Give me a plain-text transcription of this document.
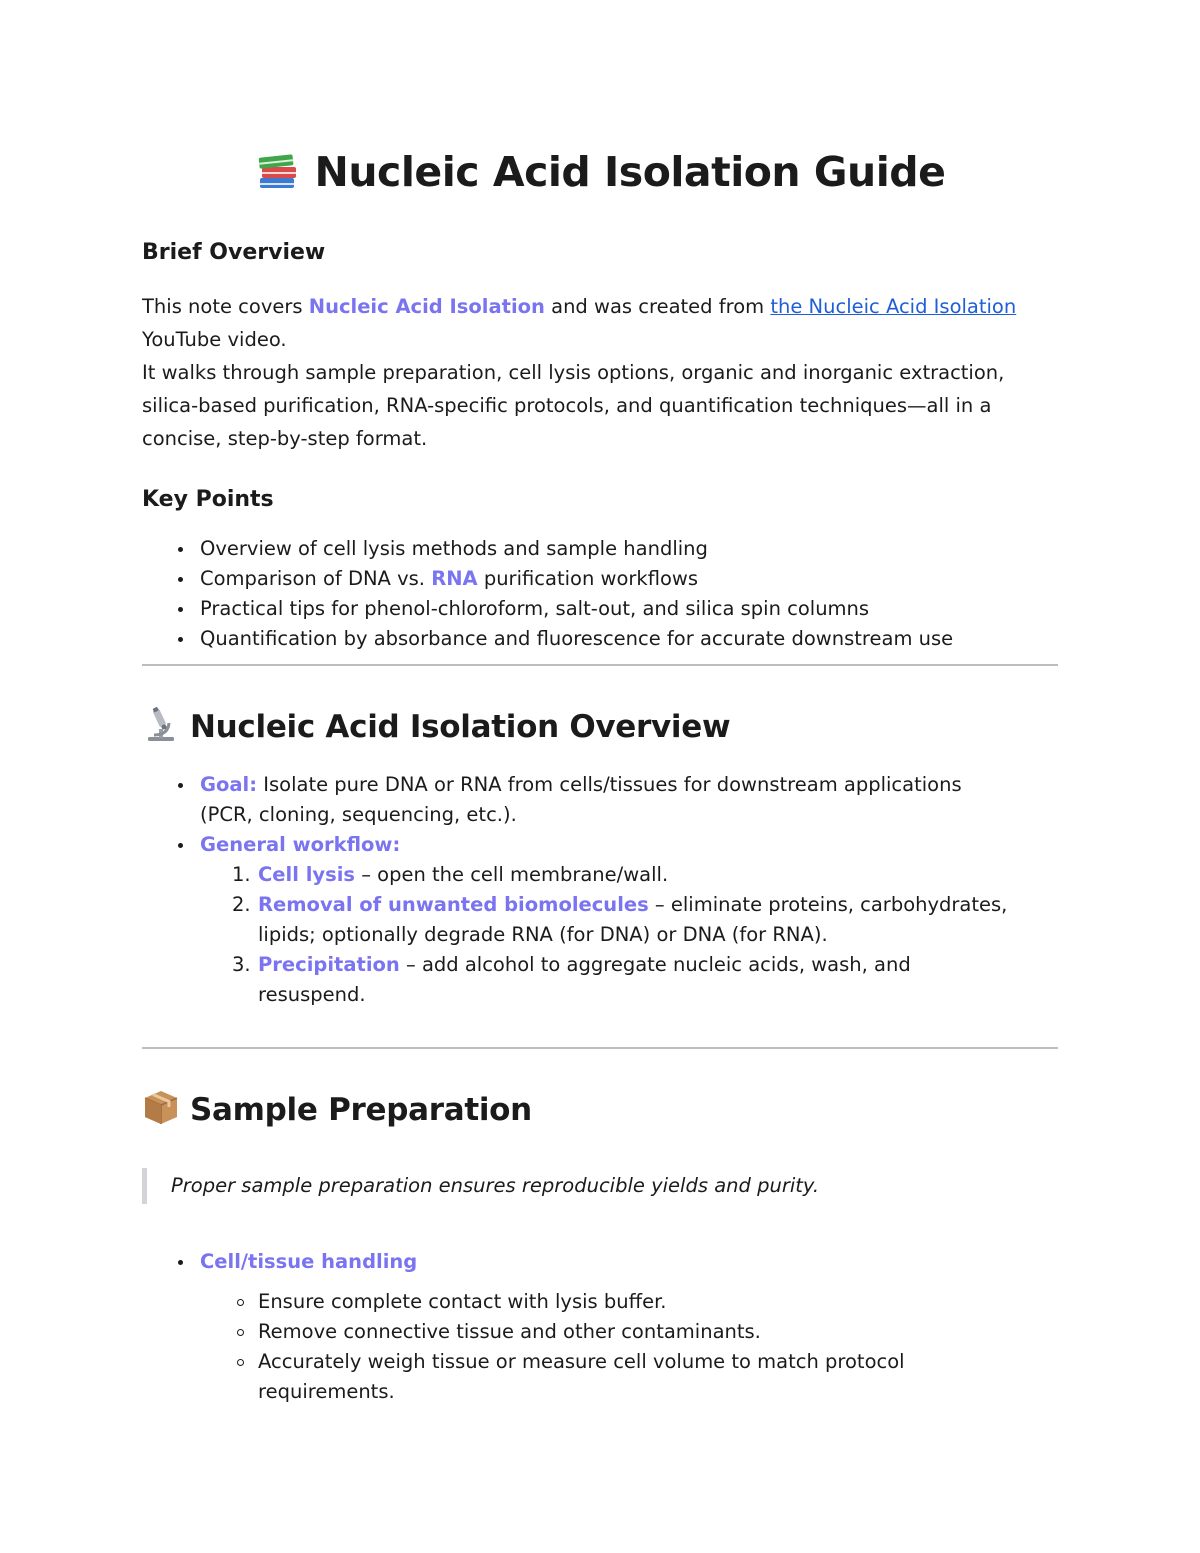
Nucleic Acid Isolation Guide
Brief Overview

This note covers Nucleic Acid Isolation and was created from the Nucleic Acid Isolation YouTube video.

It walks through sample preparation, cell lysis options, organic and inorganic extraction, silica-based purification, RNA-specific protocols, and quantification techniques—all in a concise, step-by-step format.

Key Points
Overview of cell lysis methods and sample handling
Comparison of DNA vs. RNA purification workflows
Practical tips for phenol-chloroform, salt-out, and silica spin columns
Quantification by absorbance and fluorescence for accurate downstream use
Nucleic Acid Isolation Overview
Goal: Isolate pure DNA or RNA from cells/tissues for downstream applications (PCR, cloning, sequencing, etc.).
General workflow:
1. Cell lysis – open the cell membrane/wall.
2. Removal of unwanted biomolecules – eliminate proteins, carbohydrates, lipids; optionally degrade RNA (for DNA) or DNA (for RNA).
3. Precipitation – add alcohol to aggregate nucleic acids, wash, and resuspend.
Sample Preparation
Proper sample preparation ensures reproducible yields and purity.
Cell/tissue handling
Ensure complete contact with lysis buffer.
Remove connective tissue and other contaminants.
Accurately weigh tissue or measure cell volume to match protocol requirements.
